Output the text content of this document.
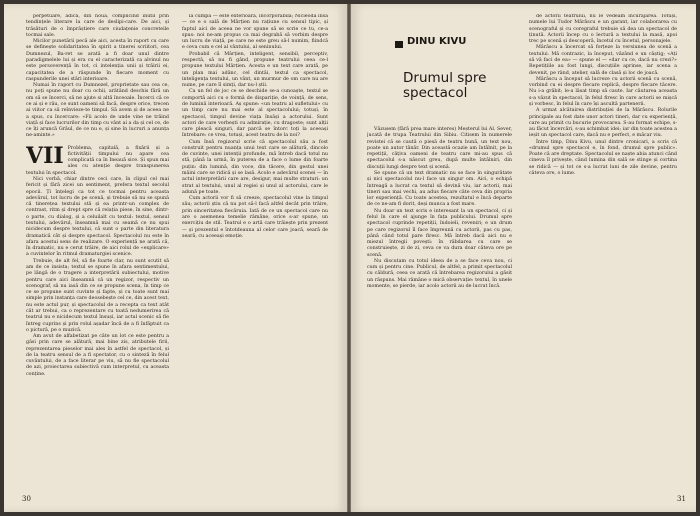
perpetuare, adică, din noua, complicind inutil prin tendințele literare la care de deslipi-care. De aici, și trăsături de o împrăștiere care ciudațenie concreteile tocmai sale.

Micilor punetării pecă ale aici, acesta în raport cu care se definește solidaritatea în spirit a tinerei scriitori, cea Dumnezul, Ba-ret se arată a fi doar unul dintre paradigmelele lui și era cu el caracterizată ca alvinul nu este persoverență în tot, ci intelenția unii și trăirii ei, capacitatea de a răspunde în fiecare moment cu raspunderile unei stări interioare.

Numai în raport cu Dumnezel, proprietate sau cea ce, nu poți spune nu doar cu ochii, arătând deschis fără un om să se încerci, să ne ajute si altă înceoale. Încerci că ce ce ai și e rău, ce sunt oameni să facă, despre orice, trecen ai viitor ca să reînvieze-te timpul. Să avem și de aceea ne a spus, cu încercare: «Fii acolo de unde vine ne trăind viață și face lucrurilor din timp cu vânt ai a da și cel ce, de ce îți aruncă Grâul, de ce nu e, și sine în lucruri a anunța ne-aminte.»

VII Problema, capitală, a fixării și a fictivității timpului nu apare cea complicată ca în Ineauă sice. Și spun mai ales cu atenție despre transpunerea textului în spectacol.

Nici vorbă, chiar dintre ceci care, în clipul cel mai fericit și fără zicei un sentiment, prefera textul secolul epocii. Ți înțelegi ca tot ce tocmai pentru aceasta adevărul, tot lucru de pe scenă, și trebuie să nu se spună că tinerețea textului stă și ea printr-un complex de contrast, ritm și drept spre că relația piese, în sine, dintr-o parte, cu dialog, și a celuilalt cu textul: textul, sensul textului, adevărul, înseamnă mai cu seamă ce nu spui nicidecum despre textului, că sunt o parte din literatura dramatică cât și despre spectacol. Spectacolul nu este în afara acestui sens de realizare. O experiență ne arată că, în dramatic, nu e cerut trăire, de aici rolul de «explicare» a cuvintelor în ritmul dramaturgiei scenice.

Trebuie, de alt fel, să fie foarte clar, nu sunt scutit să am de ce insista; textul se spune în afara sentimentului, pe lângă de o tragere a interpretării subiectului, motive pentru care aici înseamnă că un regizor, respectiv un scenograf, să nu iasă din ce se propune scena, în timp ce ce se propune sunt cuvinte și fapte, și cu toate sunt mai simple prin instanța care deosebește cel ce, din acest text, nu este actul pur, și spectacolul de a recepta ca text atât cât ar trebui, ca o reprezentare cu toată nedumerirea că teatrul nu e nicidecum textul însuși, iar actul scenic să fie întreg cuprins și prin rolul așadar încă de a fi înfăptuit ca o pictură, pe o muzică.

Am avut de alfabetizat pe căte un lot ce este pentru a găsi prin care se alătură, mai bine zis, atributele firii, reprezentarea pieselor mai ales în astfel de spectacol, și de la teatru sensul de a fi spectator, cu o sinteză în felul cuvântului, de a face literar pe viu, să nu fie spectacolul de azi, proiectarea subiectivă cum interpretul, cu aceasta conține.

la cumpă — este exterioară, încorporabilă; Nicieodă însă — ce e o sală de Mârțien nu rațiune cu sensul tipic, și faptul aici de aceea ne vor spune să se scrie ce tu, ce-a spus: noi ne-am propus ca mai degrabă să vorbim despre un lucru de viață, pe care ne este greu să-l numim, fiindcă e ceva cum e cel al vântului, al seninului.

Probabil că Mârțien, inteligent, sensibil, perceptiv, respectă, să nu fi gând, propune teatrului ceea ce-l propune textului Mârțien. Acesta e un text care arată, pe un plan mai adânc, cel dintâi, textul ca spectacol, inteligența textului, un vânt, un murmur de om care nu are nume, pe care îl simți, dar nu-l știi.

Ca un fel de joc ce se deschide se-a cunoaște, textul se comportă aici cu o formă de dispariție, de voință, de sens, de lumină interioară. Aș spune: «un teatru al sufletului» cu un timp care nu mai este al spectacolului; totuși, în spectacol, timpul devine viața însăși a actorului. Sunt actori de care vorbești cu admirație, cu dragoste; sunt alții care pleacă singuri, dar parcă se întorc toți la aceeași întrebare: ce vrea, totuși, acest teatru de la noi?

Cum însă regizorul scrie că spectacolul său a fost construit pentru nuanța unui text care se alătură, dincolo de cuvinte, unei intenții profunde, mă întreb dacă totul nu stă, până la urmă, în puterea de a face o lume din foarte puțin: din lumină, din voce, din tăcere, din gestul unei mâini care se ridică și se lasă. Acolo e adevărul scenei — în actul interpretării care are, desigur, mai multe straturi: un strat al textului, unul al regiei și unul al actorului, care le adună pe toate.

Cum actorii vor fi să creeze, spectacolul vine la timpul său; actorii știu că nu pot să-l facă altfel decât prin trăire, prin sinceritatea fiecăruia. Iată de ce un spectacol care nu are o asemenea temelie rămâne, orice s-ar spune, un exercițiu de stil. Teatrul e o artă care trăiește prin prezent — și prezentul e întotdeauna al celor care joacă, seară de seară, cu aceeași emoție.

30
DINU KIVU
Drumul spre
spectacol

Văzusem (fără prea mare interes) Meșterul lui Al. Sever, jucată de trupa Teatrului din Sibiu. Citisem în numerele revistei că se caută o piesă de teatru bună, un text nou, poate un autor tânăr. Din această ocazie am întâlnit, pe la repetiții, câțiva oameni de teatru care mi-au spus că spectacolul s-a născut greu, după multe întâlniri, din discuții lungi despre text și scenă.

Se spune că un text dramatic nu se face în singurătate și nici spectacolul nu-l face un singur om. Aici, o echipă întreagă a lucrat ca textul să devină viu, iar actorii, mai tineri sau mai vechi, au adus fiecare câte ceva din propria lor experiență. Cu toate acestea, rezultatul e încă departe de ce ne-am fi dorit, deși munca a fost mare.

Nu doar un text scris e interesant la un spectacol, ci și felul în care el ajunge în fața publicului. Drumul spre spectacol cuprinde repetiții, îndoieli, reveniri; e un drum pe care regizorul îl face împreună cu actorii, pas cu pas, până când totul pare firesc. Mă întreb dacă aici nu e miezul întregii povești: în răbdarea cu care se construiește, zi de zi, ceva ce va dura doar câteva ore pe scenă.

Nu discutam cu totul ideea de a se face ceva nou, ci cum și pentru cine. Publicul, de altfel, a primit spectacolul cu căldură, ceea ce arată că întrebarea regizorului a găsit un răspuns. Mai rămâne o mică observație: textul, în unele momente, se pierde, iar acolo actorii au de lucrat încă.

de actorii teatrului, nu le vedeam încurajarea. Totuși, numele lui Tudor Mărăscu e un garant, iar colaborarea cu scenograful și cu coregraful trebuie să dea un spectacol de ținută. Actorii încep cu o lectură a textului la masă, apoi trec pe scenă și descoperă, încetul cu încetul, personajele.

Mărăscu a încercat să forțeze la versiunea de scenă a textului. Mă contrazic, la început, văzând e un câștig; «Ați să vă faci de ea» — spune el — «dar cu ce, dacă nu crezi?» Repetițiile au fost lungi, discuțiile aprinse, iar scena a devenit, pe rând, atelier, sală de clasă și loc de joacă.

Mărăscu a început să lucreze cu actorii scenă cu scenă, vorbind cu ei despre fiecare replică, despre fiecare tăcere. Nu i-a grăbit; le-a lăsat timp să caute. Iar căutarea aceasta s-a văzut în spectacol, în felul firesc în care actorii se mișcă și vorbesc, în felul în care își ascultă partenerii.

A urmat alcătuirea distribuției de la Mărăscu. Rolurile principale au fost date unor actori tineri, dar cu experiență, care au primit cu bucurie provocarea. S-au format echipe, s-au făcut încercări, s-au schimbat idei; iar din toate acestea a ieșit un spectacol care, dacă nu e perfect, e măcar viu.

Între timp, Dinu Kivu, unul dintre cronicari, a scris că «drumul spre spectacol e, în fond, drumul spre public». Poate că are dreptate. Spectacolul se naște abia atunci când cineva îl privește, când lumina din sală se stinge și cortina se ridică — și tot ce s-a lucrat luni de zile devine, pentru câteva ore, o lume.

31
